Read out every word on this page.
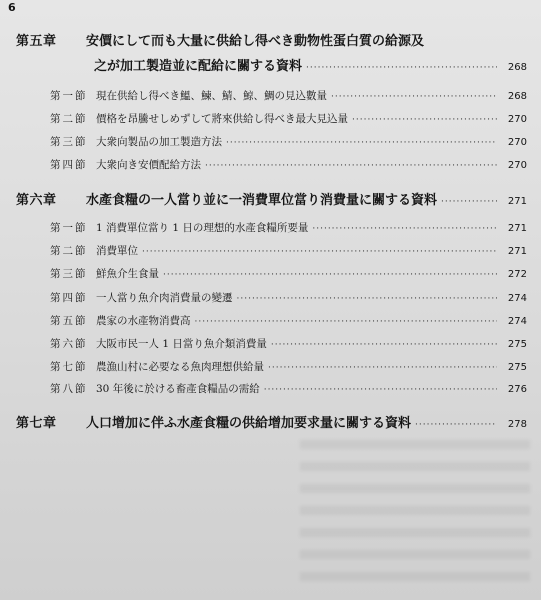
6
第五章	安價にして而も大量に供給し得べき動物性蛋白質の給源及
之が加工製造並に配給に關する資料 ·····	268
第一節 現在供給し得べき鰮、鰊、鯖、鯨、鯛の見込數量 ·····	268
第二節 價格を昂騰せしめずして將來供給し得べき最大見込量 ·····	270
第三節 大衆向製品の加工製造方法 ·····	270
第四節 大衆向き安價配給方法 ·····	270
第六章	水產食糧の一人當り並に一消費單位當り消費量に關する資料 ·····	271
第一節 1 消費單位當り 1 日の理想的水產食糧所要量 ·····	271
第二節 消費單位 ·····	271
第三節 鮮魚介生食量 ·····	272
第四節 一人當り魚介肉消費量の變遷 ·····	274
第五節 農家の水產物消費高 ·····	274
第六節 大阪市民一人 1 日當り魚介類消費量 ·····	275
第七節 農漁山村に必要なる魚肉理想供給量 ·····	275
第八節 30 年後に於ける畜產食糧品の需給 ·····	276
第七章	人口增加に伴ふ水產食糧の供給增加要求量に關する資料 ·····	278
